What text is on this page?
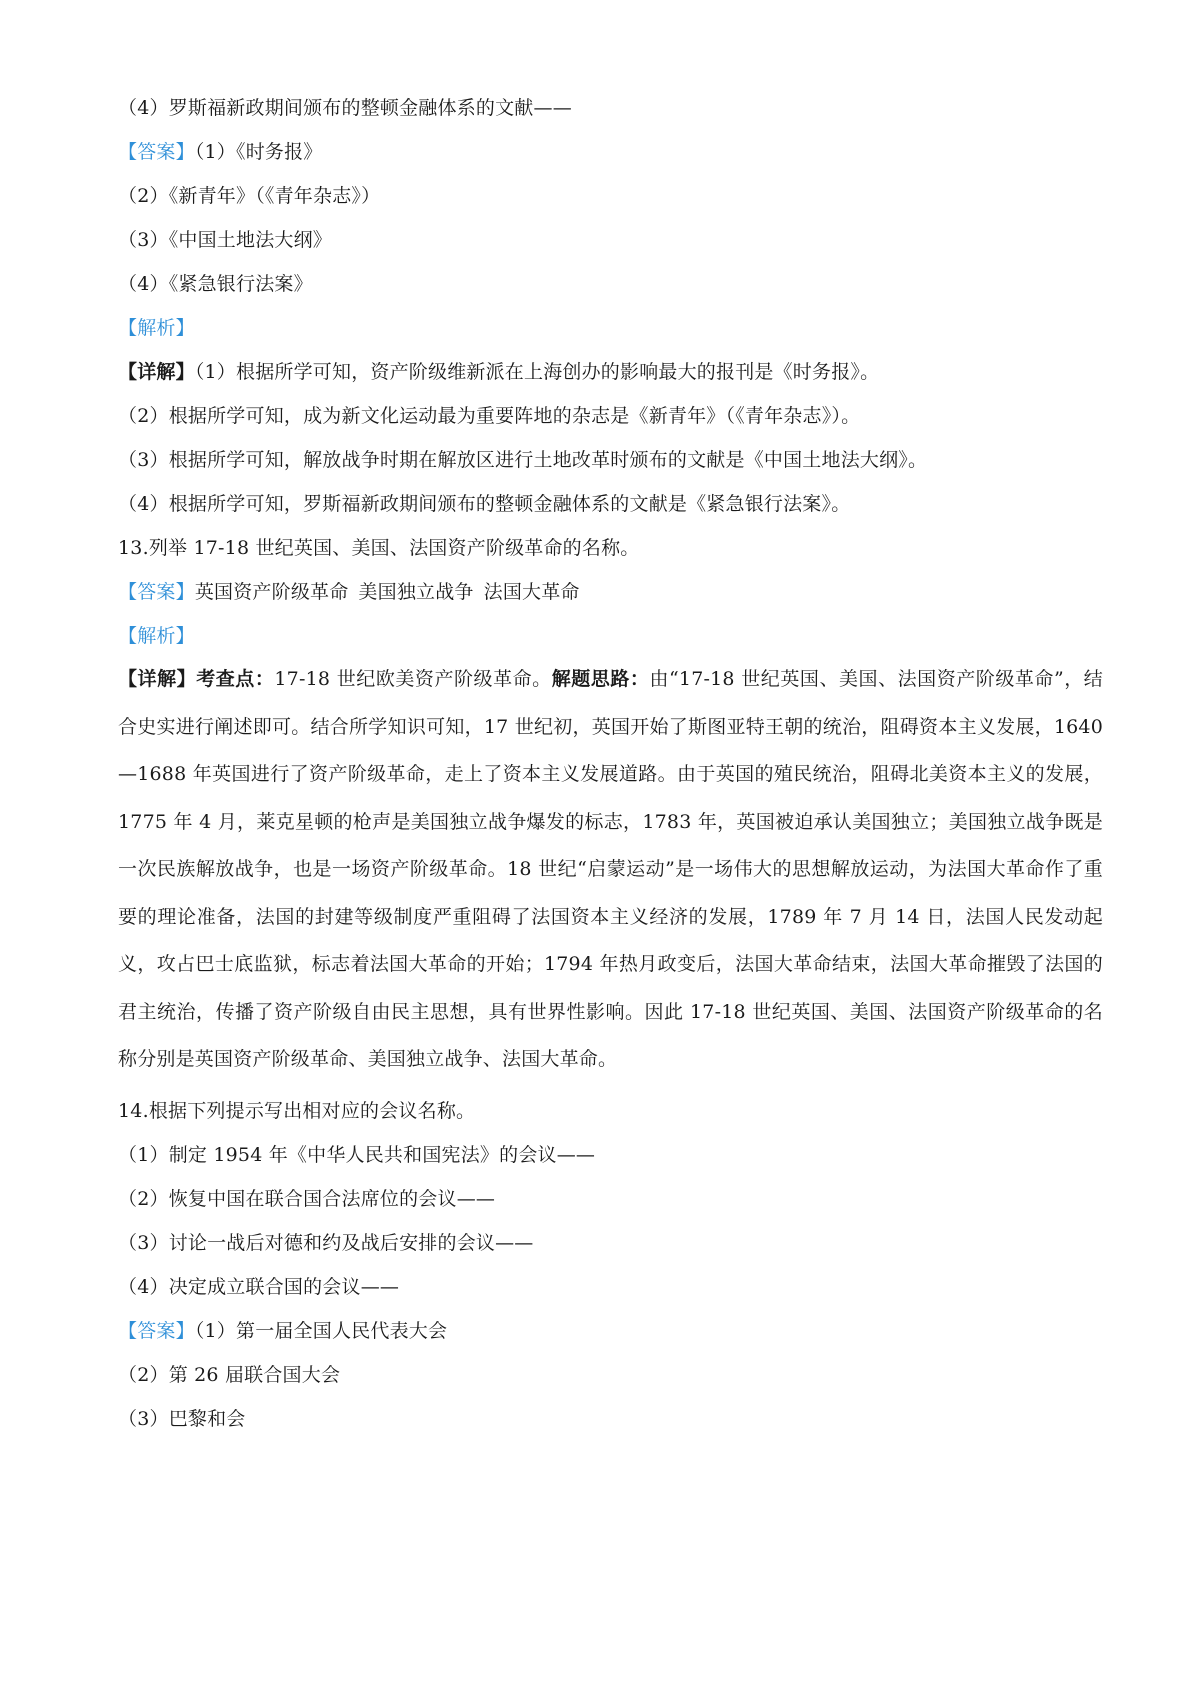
（4）罗斯福新政期间颁布的整顿金融体系的文献——
【答案】（1）《时务报》
（2）《新青年》（《青年杂志》）
（3）《中国土地法大纲》
（4）《紧急银行法案》
【解析】
【详解】（1）根据所学可知，资产阶级维新派在上海创办的影响最大的报刊是《时务报》。
（2）根据所学可知，成为新文化运动最为重要阵地的杂志是《新青年》（《青年杂志》）。
（3）根据所学可知，解放战争时期在解放区进行土地改革时颁布的文献是《中国土地法大纲》。
（4）根据所学可知，罗斯福新政期间颁布的整顿金融体系的文献是《紧急银行法案》。
13.列举 17-18 世纪英国、美国、法国资产阶级革命的名称。
【答案】英国资产阶级革命 美国独立战争 法国大革命
【解析】
【详解】考查点：17-18 世纪欧美资产阶级革命。解题思路：由“17-18 世纪英国、美国、法国资产阶级革命”，结合史实进行阐述即可。结合所学知识可知，17 世纪初，英国开始了斯图亚特王朝的统治，阻碍资本主义发展，1640—1688 年英国进行了资产阶级革命，走上了资本主义发展道路。由于英国的殖民统治，阻碍北美资本主义的发展，1775 年 4 月，莱克星顿的枪声是美国独立战争爆发的标志，1783 年，英国被迫承认美国独立；美国独立战争既是一次民族解放战争，也是一场资产阶级革命。18 世纪“启蒙运动”是一场伟大的思想解放运动，为法国大革命作了重要的理论准备，法国的封建等级制度严重阻碍了法国资本主义经济的发展，1789 年 7 月 14 日，法国人民发动起义，攻占巴士底监狱，标志着法国大革命的开始；1794 年热月政变后，法国大革命结束，法国大革命摧毁了法国的君主统治，传播了资产阶级自由民主思想，具有世界性影响。因此 17-18 世纪英国、美国、法国资产阶级革命的名称分别是英国资产阶级革命、美国独立战争、法国大革命。
14.根据下列提示写出相对应的会议名称。
（1）制定 1954 年《中华人民共和国宪法》的会议——
（2）恢复中国在联合国合法席位的会议——
（3）讨论一战后对德和约及战后安排的会议——
（4）决定成立联合国的会议——
【答案】（1）第一届全国人民代表大会
（2）第 26 届联合国大会
（3）巴黎和会
